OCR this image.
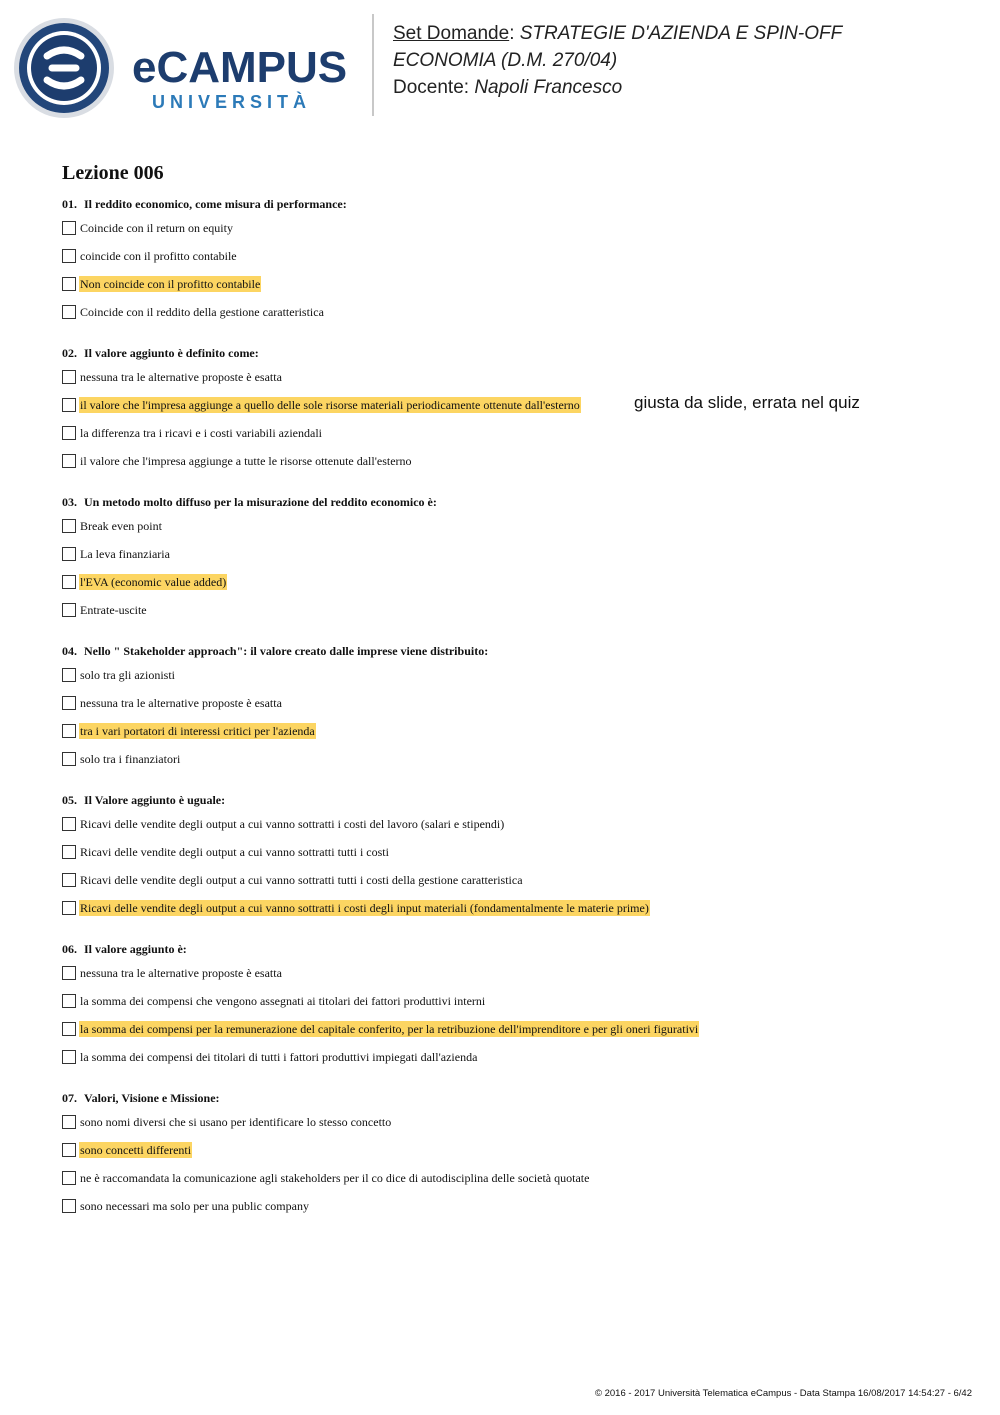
eCAMPUS
UNIVERSITÀ
Set Domande: STRATEGIE D'AZIENDA E SPIN-OFF
ECONOMIA (D.M. 270/04)
Docente: Napoli Francesco
Lezione 006

01. Il reddito economico, come misura di performance:

Coincide con il return on equity
coincide con il profitto contabile
Non coincide con il profitto contabile
Coincide con il reddito della gestione caratteristica

02. Il valore aggiunto è definito come:

nessuna tra le alternative proposte è esatta
il valore che l'impresa aggiunge a quello delle sole risorse materiali periodicamente ottenute dall'esterno	giusta da slide, errata nel quiz
la differenza tra i ricavi e i costi variabili aziendali
il valore che l'impresa aggiunge a tutte le risorse ottenute dall'esterno

03. Un metodo molto diffuso per la misurazione del reddito economico è:

Break even point
La leva finanziaria
l'EVA (economic value added)
Entrate-uscite

04. Nello " Stakeholder approach": il valore creato dalle imprese viene distribuito:

solo tra gli azionisti
nessuna tra le alternative proposte è esatta
tra i vari portatori di interessi critici per l'azienda
solo tra i finanziatori

05. Il Valore aggiunto è uguale:

Ricavi delle vendite degli output a cui vanno sottratti i costi del lavoro (salari e stipendi)
Ricavi delle vendite degli output a cui vanno sottratti tutti i costi
Ricavi delle vendite degli output a cui vanno sottratti tutti i costi della gestione caratteristica
Ricavi delle vendite degli output a cui vanno sottratti i costi degli input materiali (fondamentalmente le materie prime)

06. Il valore aggiunto è:

nessuna tra le alternative proposte è esatta
la somma dei compensi che vengono assegnati ai titolari dei fattori produttivi interni
la somma dei compensi per la remunerazione del capitale conferito, per la retribuzione dell'imprenditore e per gli oneri figurativi
la somma dei compensi dei titolari di tutti i fattori produttivi impiegati dall'azienda

07. Valori, Visione e Missione:

sono nomi diversi che si usano per identificare lo stesso concetto
sono concetti differenti
ne è raccomandata la comunicazione agli stakeholders per il co dice di autodisciplina delle società quotate
sono necessari ma solo per una public company
© 2016 - 2017 Università Telematica eCampus - Data Stampa 16/08/2017 14:54:27 - 6/42
